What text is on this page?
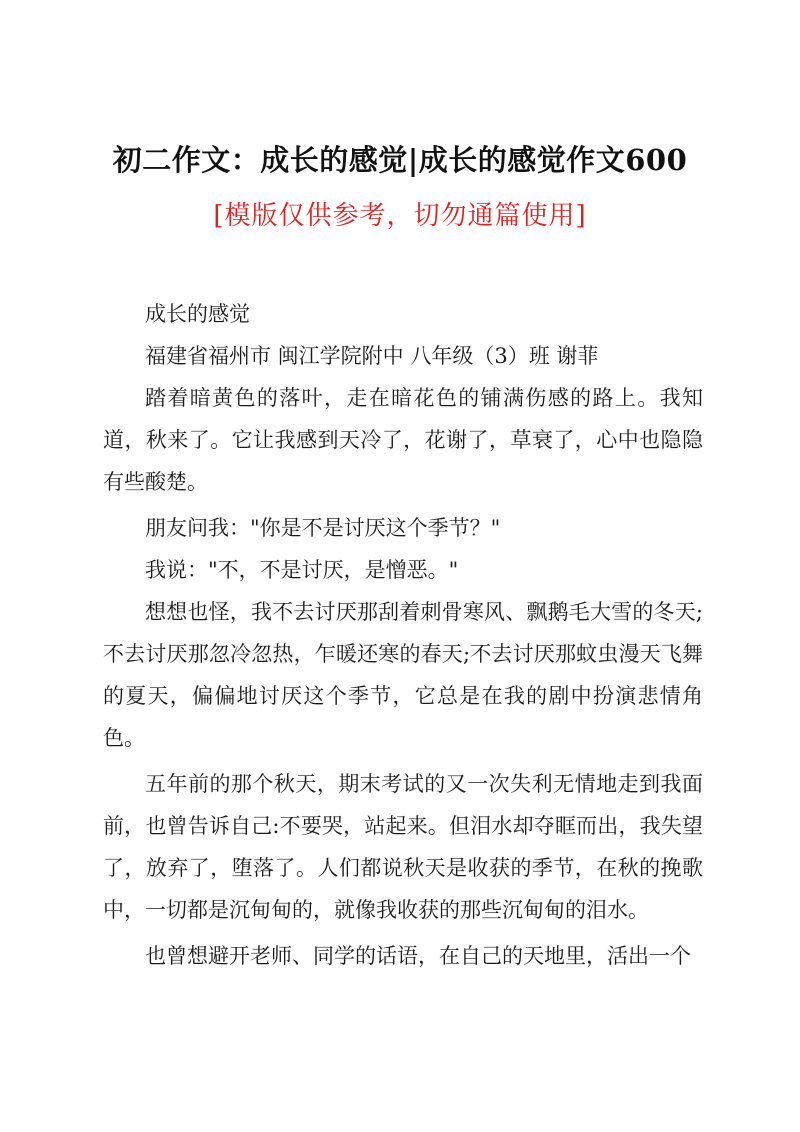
初二作文：成长的感觉|成长的感觉作文600
[模版仅供参考，切勿通篇使用]

成长的感觉

福建省福州市 闽江学院附中 八年级（3）班 谢菲

踏着暗黄色的落叶，走在暗花色的铺满伤感的路上。我知道，秋来了。它让我感到天冷了，花谢了，草衰了，心中也隐隐有些酸楚。

朋友问我："你是不是讨厌这个季节？"

我说："不，不是讨厌，是憎恶。"

想想也怪，我不去讨厌那刮着刺骨寒风、飘鹅毛大雪的冬天;不去讨厌那忽冷忽热，乍暖还寒的春天;不去讨厌那蚊虫漫天飞舞的夏天，偏偏地讨厌这个季节，它总是在我的剧中扮演悲情角色。

五年前的那个秋天，期末考试的又一次失利无情地走到我面前，也曾告诉自己:不要哭，站起来。但泪水却夺眶而出，我失望了，放弃了，堕落了。人们都说秋天是收获的季节，在秋的挽歌中，一切都是沉甸甸的，就像我收获的那些沉甸甸的泪水。

也曾想避开老师、同学的话语，在自己的天地里，活出一个
